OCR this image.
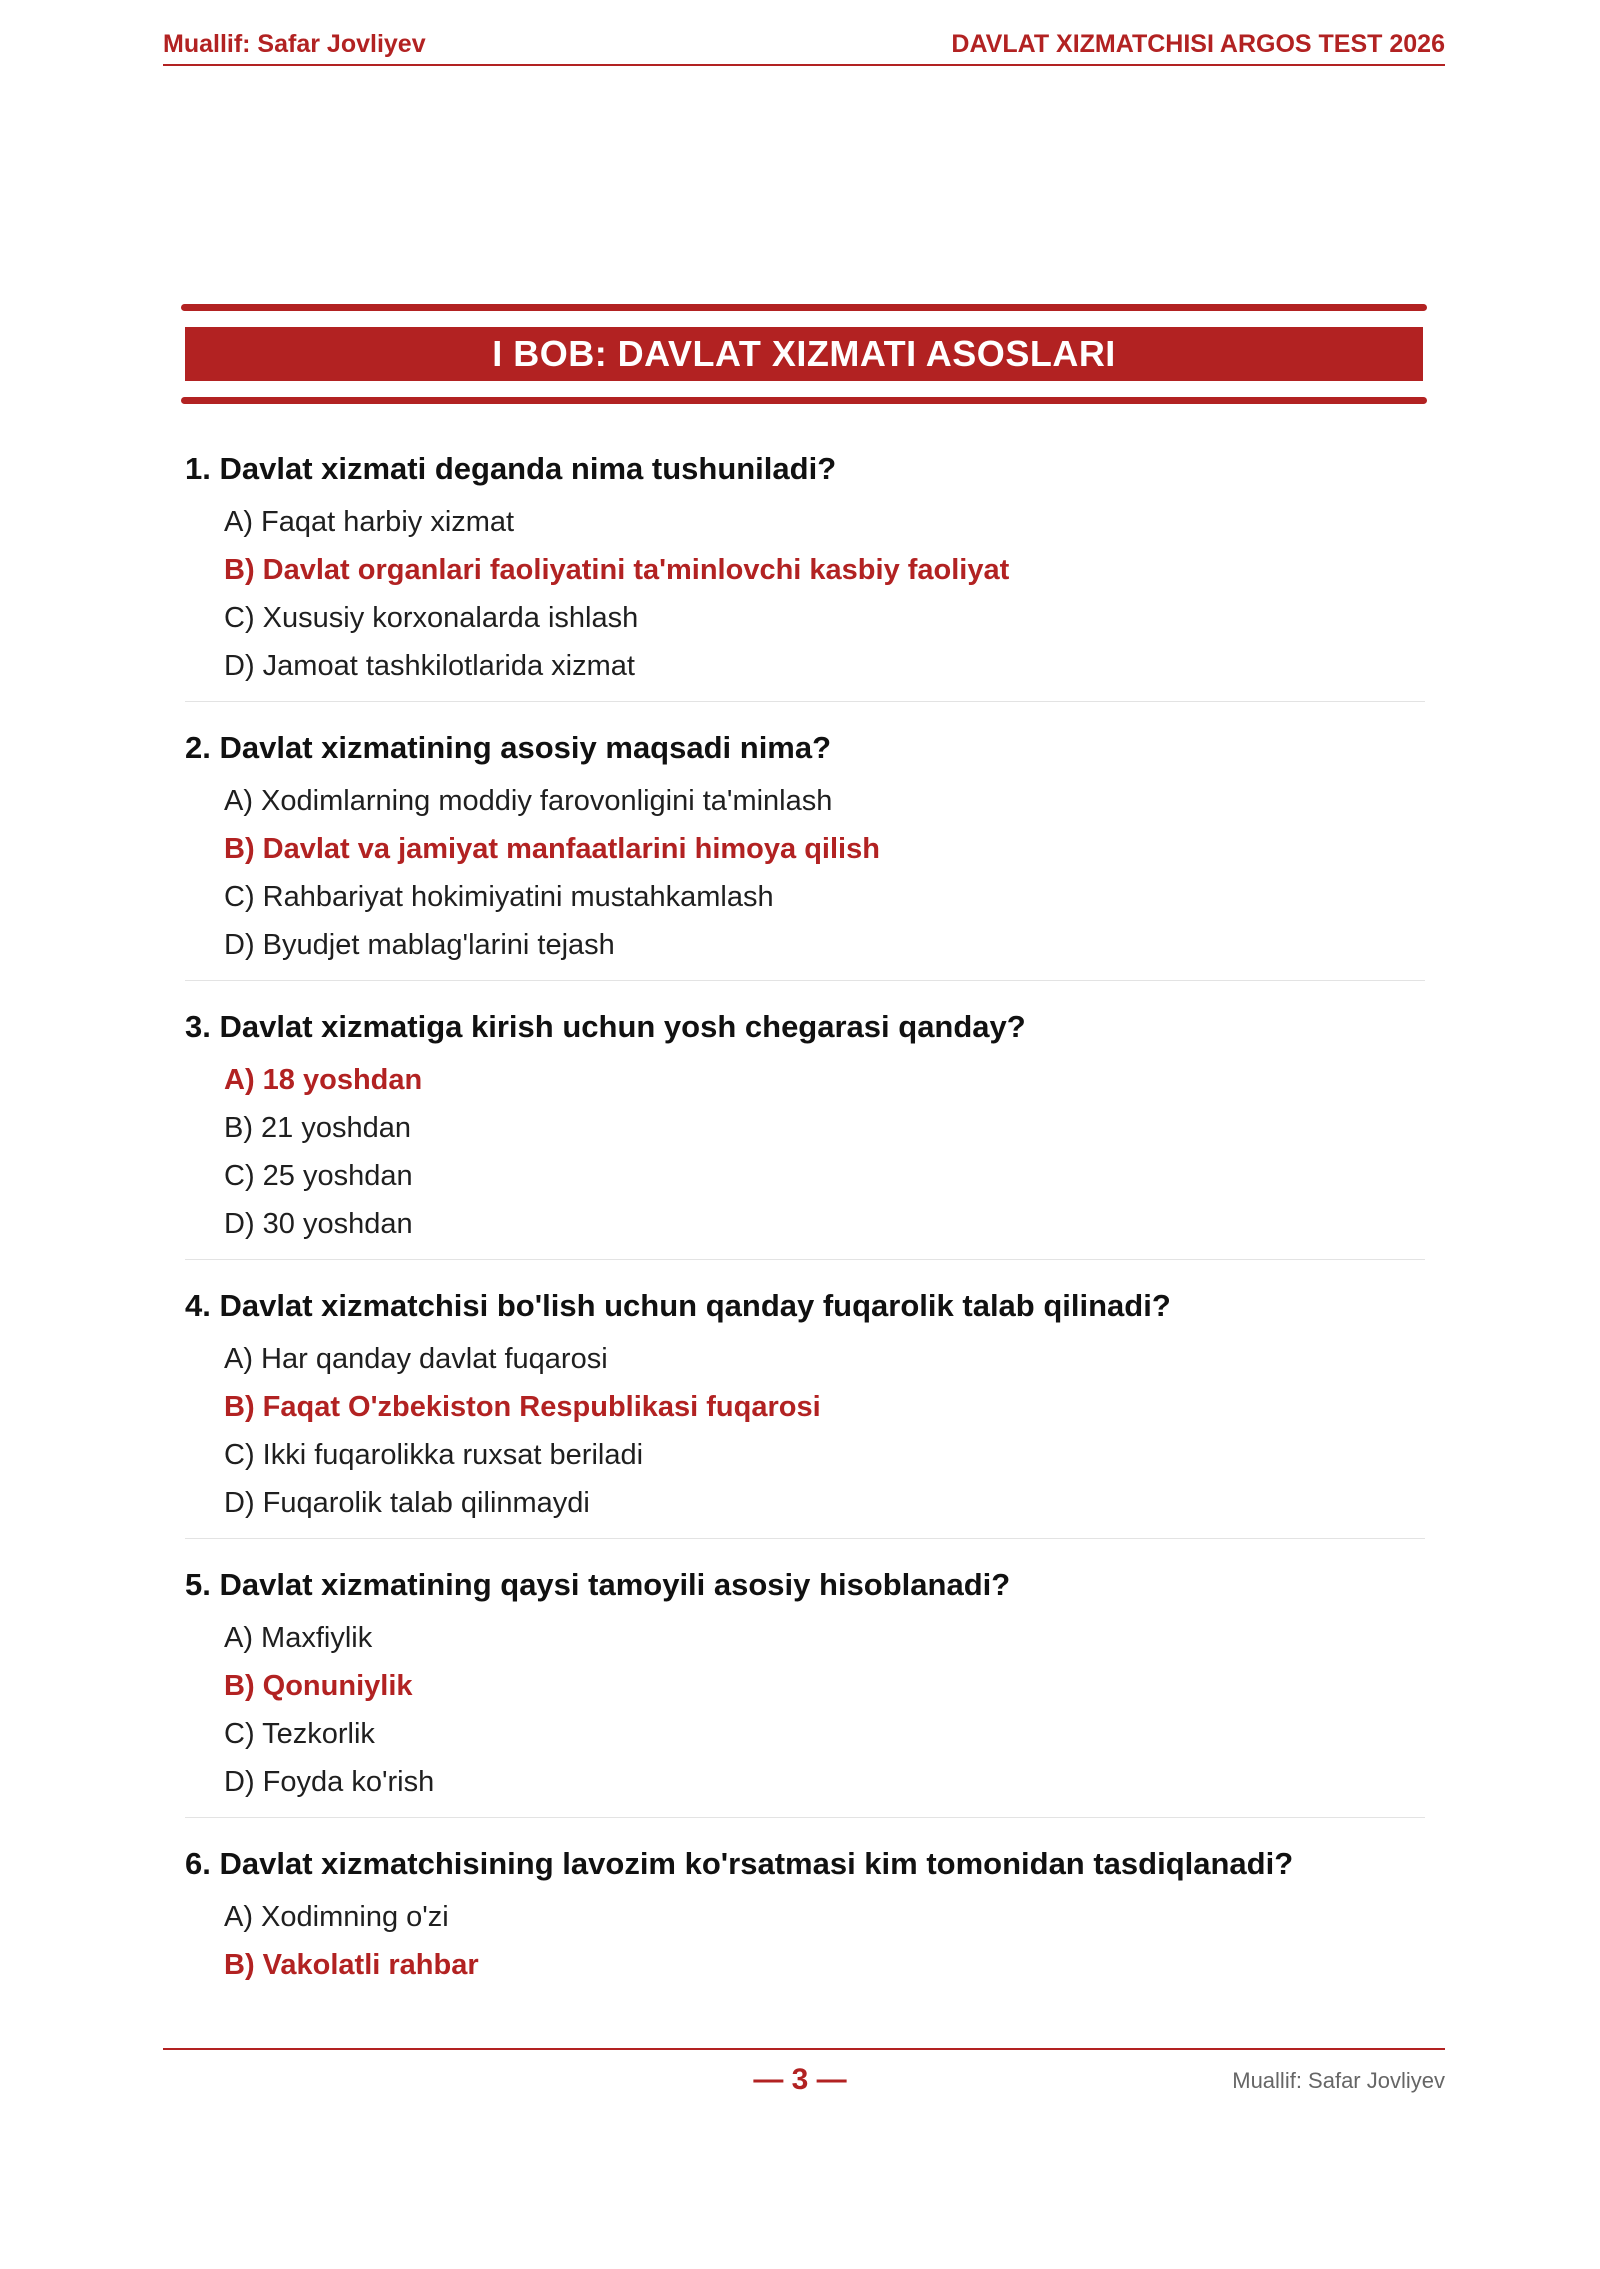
Muallif: Safar Jovliyev	DAVLAT XIZMATCHISI ARGOS TEST 2026
I BOB: DAVLAT XIZMATI ASOSLARI
1. Davlat xizmati deganda nima tushuniladi?
A) Faqat harbiy xizmat
B) Davlat organlari faoliyatini ta'minlovchi kasbiy faoliyat
C) Xususiy korxonalarda ishlash
D) Jamoat tashkilotlarida xizmat
2. Davlat xizmatining asosiy maqsadi nima?
A) Xodimlarning moddiy farovonligini ta'minlash
B) Davlat va jamiyat manfaatlarini himoya qilish
C) Rahbariyat hokimiyatini mustahkamlash
D) Byudjet mablag'larini tejash
3. Davlat xizmatiga kirish uchun yosh chegarasi qanday?
A) 18 yoshdan
B) 21 yoshdan
C) 25 yoshdan
D) 30 yoshdan
4. Davlat xizmatchisi bo'lish uchun qanday fuqarolik talab qilinadi?
A) Har qanday davlat fuqarosi
B) Faqat O'zbekiston Respublikasi fuqarosi
C) Ikki fuqarolikka ruxsat beriladi
D) Fuqarolik talab qilinmaydi
5. Davlat xizmatining qaysi tamoyili asosiy hisoblanadi?
A) Maxfiylik
B) Qonuniylik
C) Tezkorlik
D) Foyda ko'rish
6. Davlat xizmatchisining lavozim ko'rsatmasi kim tomonidan tasdiqlanadi?
A) Xodimning o'zi
B) Vakolatli rahbar
— 3 —	Muallif: Safar Jovliyev
